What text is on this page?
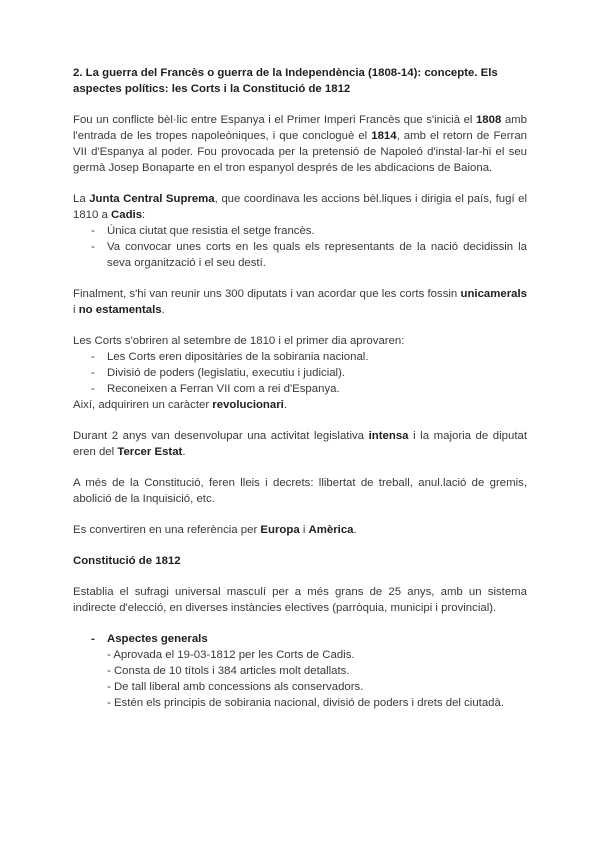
2. La guerra del Francès o guerra de la Independència (1808-14): concepte. Els aspectes polítics: les Corts i la Constitució de 1812

Fou un conflicte bèl·lic entre Espanya i el Primer Imperi Francès que s'inicià el 1808 amb l'entrada de les tropes napoleòniques, i que concloguè el 1814, amb el retorn de Ferran VII d'Espanya al poder. Fou provocada per la pretensió de Napoleó d'instal·lar-hi el seu germà Josep Bonaparte en el tron espanyol després de les abdicacions de Baiona.

La Junta Central Suprema, que coordinava les accions bèl.liques i dirigia el país, fugí el 1810 a Cadis:

- Única ciutat que resistia el setge francès.
- Va convocar unes corts en les quals els representants de la nació decidissin la seva organització i el seu destí.

Finalment, s'hi van reunir uns 300 diputats i van acordar que les corts fossin unicamerals i no estamentals.

Les Corts s'obriren al setembre de 1810 i el primer dia aprovaren:

- Les Corts eren dipositàries de la sobirania nacional.
- Divisió de poders (legislatiu, executiu i judicial).
- Reconeixen a Ferran VII com a rei d'Espanya.

Així, adquiriren un caràcter revolucionari.

Durant 2 anys van desenvolupar una activitat legislativa intensa i la majoria de diputat eren del Tercer Estat.

A més de la Constitució, feren lleis i decrets: llibertat de treball, anul.lació de gremis, abolició de la Inquisició, etc.

Es convertiren en una referència per Europa i Amèrica.

Constitució de 1812

Establia el sufragi universal masculí per a més grans de 25 anys, amb un sistema indirecte d'elecció, en diverses instàncies electives (parròquia, municipi i provincial).

- Aspectes generals
- Aprovada el 19-03-1812 per les Corts de Cadis.
- Consta de 10 títols i 384 articles molt detallats.
- De tall liberal amb concessions als conservadors.
- Estén els principis de sobirania nacional, divisió de poders i drets del ciutadà.
